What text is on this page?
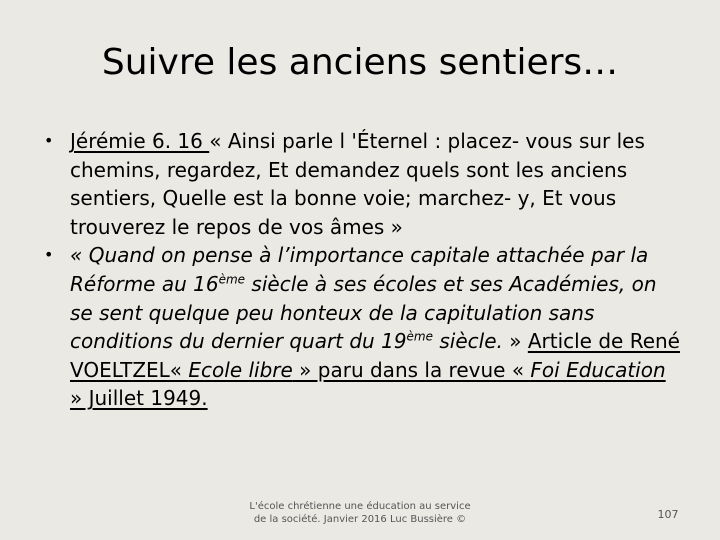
Suivre les anciens sentiers…
• Jérémie 6. 16 « Ainsi parle l 'Éternel : placez- vous sur les chemins, regardez, Et demandez quels sont les anciens sentiers, Quelle est la bonne voie; marchez- y, Et vous trouverez le repos de vos âmes »
• « Quand on pense à l’importance capitale attachée par la Réforme au 16ème siècle à ses écoles et ses Académies, on se sent quelque peu honteux de la capitulation sans conditions du dernier quart du 19ème siècle. » Article de René VOELTZEL« Ecole libre » paru dans la revue « Foi Education » Juillet 1949.
L'école chrétienne une éducation au service
de la société. Janvier 2016 Luc Bussière ©	107
